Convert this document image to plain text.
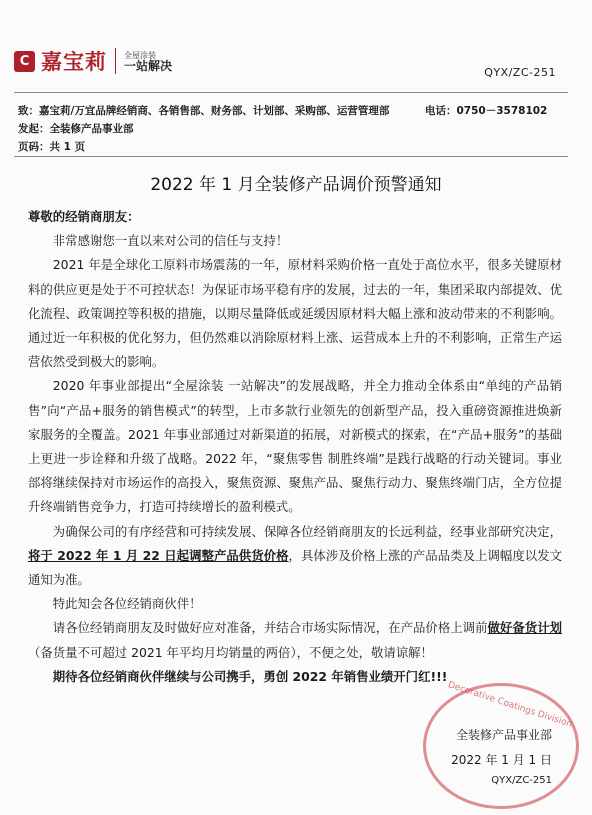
C 嘉宝莉 全屋涂装
一站解决	QYX/ZC-251
致：嘉宝莉/万宜品牌经销商、各销售部、财务部、计划部、采购部、运营管理部	电话：0750－3578102
发起：全装修产品事业部
页码：共 1 页
2022 年 1 月全装修产品调价预警通知

尊敬的经销商朋友：

非常感谢您一直以来对公司的信任与支持！

2021 年是全球化工原料市场震荡的一年，原材料采购价格一直处于高位水平，很多关键原材料的供应更是处于不可控状态！为保证市场平稳有序的发展，过去的一年，集团采取内部提效、优化流程、政策调控等积极的措施，以期尽量降低或延缓因原材料大幅上涨和波动带来的不利影响。通过近一年积极的优化努力，但仍然难以消除原材料上涨、运营成本上升的不利影响，正常生产运营依然受到极大的影响。

2020 年事业部提出“全屋涂装 一站解决”的发展战略，并全力推动全体系由“单纯的产品销售”向“产品+服务的销售模式”的转型，上市多款行业领先的创新型产品，投入重磅资源推进焕新家服务的全覆盖。2021 年事业部通过对新渠道的拓展，对新模式的探索，在“产品+服务”的基础上更进一步诠释和升级了战略。2022 年，“聚焦零售 制胜终端”是践行战略的行动关键词。事业部将继续保持对市场运作的高投入，聚焦资源、聚焦产品、聚焦行动力、聚焦终端门店，全方位提升终端销售竞争力，打造可持续增长的盈利模式。

为确保公司的有序经营和可持续发展、保障各位经销商朋友的长远利益，经事业部研究决定，将于 2022 年 1 月 22 日起调整产品供货价格，具体涉及价格上涨的产品品类及上调幅度以发文通知为准。

特此知会各位经销商伙伴！

请各位经销商朋友及时做好应对准备，并结合市场实际情况，在产品价格上调前做好备货计划（备货量不可超过 2021 年平均月均销量的两倍），不便之处，敬请谅解！

期待各位经销商伙伴继续与公司携手，勇创 2022 年销售业绩开门红!!!

Decorative Coatings Division
全装修产品事业部
2022 年 1 月 1 日
QYX/ZC-251
